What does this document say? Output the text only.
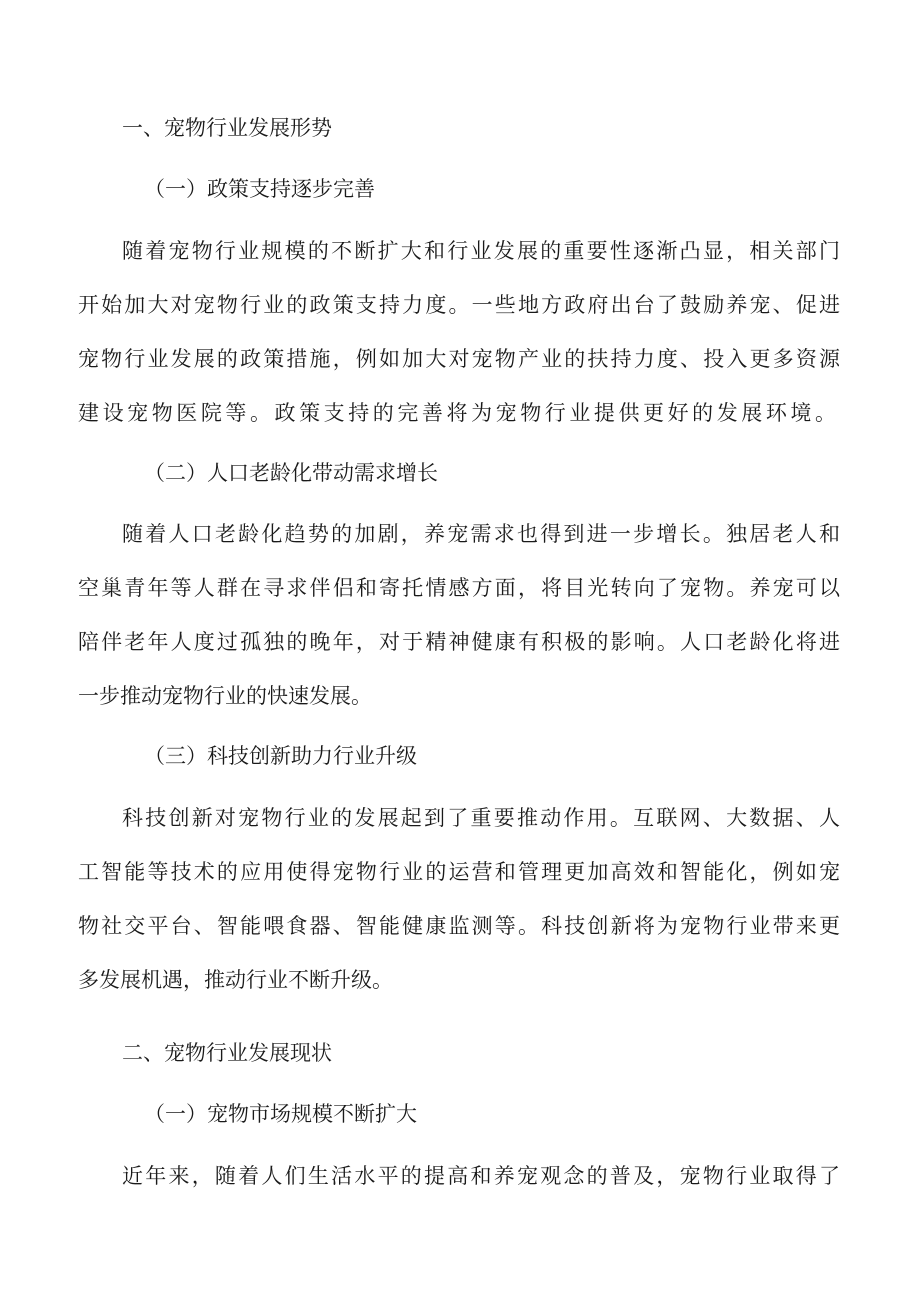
一、宠物行业发展形势
（一）政策支持逐步完善
随着宠物行业规模的不断扩大和行业发展的重要性逐渐凸显，相关部门
开始加大对宠物行业的政策支持力度。一些地方政府出台了鼓励养宠、促进
宠物行业发展的政策措施，例如加大对宠物产业的扶持力度、投入更多资源
建设宠物医院等。政策支持的完善将为宠物行业提供更好的发展环境。
（二）人口老龄化带动需求增长
随着人口老龄化趋势的加剧，养宠需求也得到进一步增长。独居老人和
空巢青年等人群在寻求伴侣和寄托情感方面，将目光转向了宠物。养宠可以
陪伴老年人度过孤独的晚年，对于精神健康有积极的影响。人口老龄化将进
一步推动宠物行业的快速发展。
（三）科技创新助力行业升级
科技创新对宠物行业的发展起到了重要推动作用。互联网、大数据、人
工智能等技术的应用使得宠物行业的运营和管理更加高效和智能化，例如宠
物社交平台、智能喂食器、智能健康监测等。科技创新将为宠物行业带来更
多发展机遇，推动行业不断升级。
二、宠物行业发展现状
（一）宠物市场规模不断扩大
近年来，随着人们生活水平的提高和养宠观念的普及，宠物行业取得了
